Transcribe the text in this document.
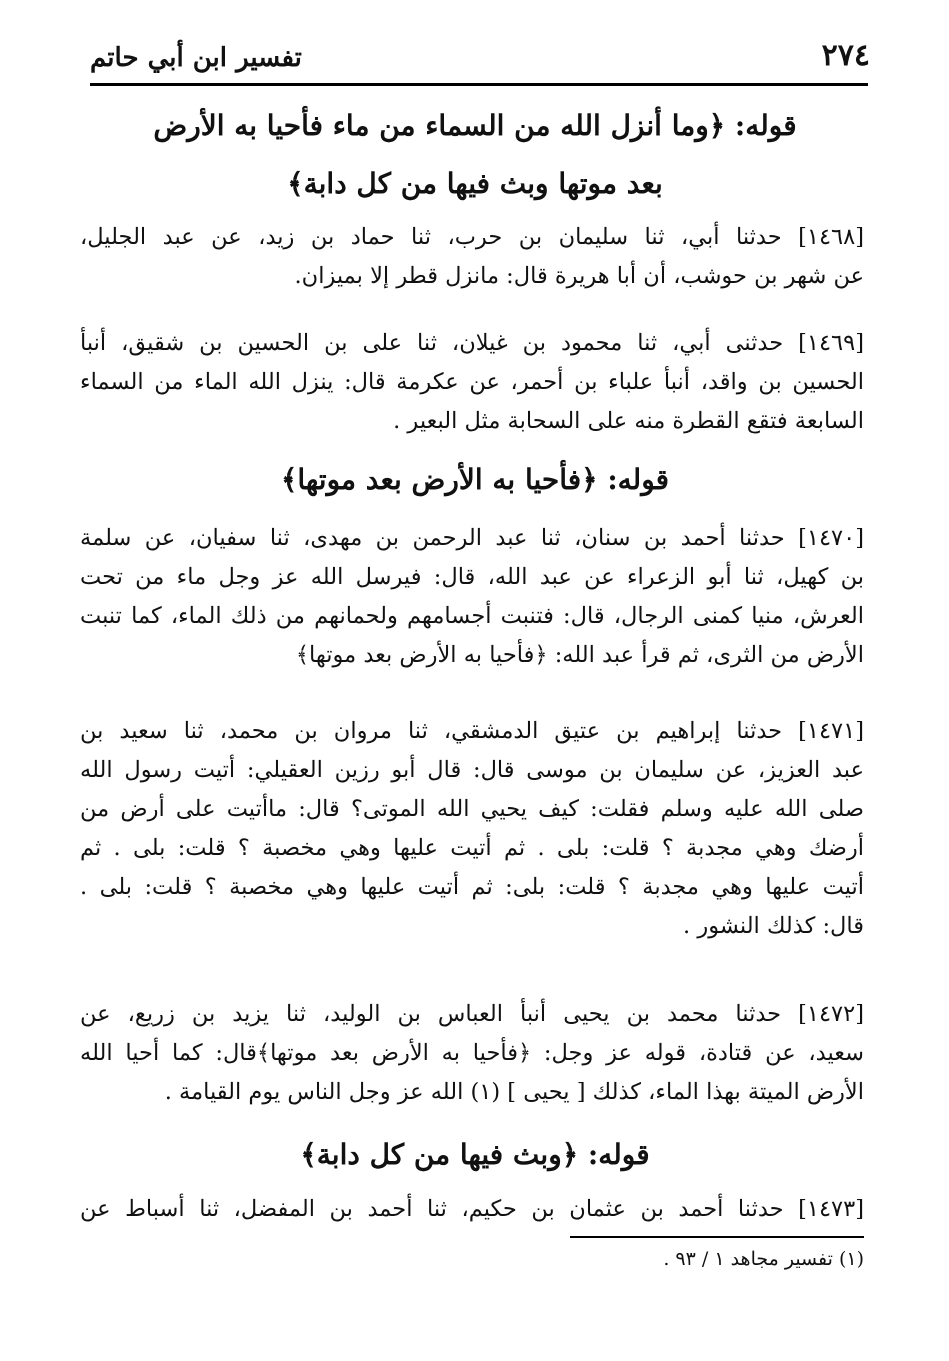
٢٧٤
تفسير ابن أبي حاتم
قوله: ﴿وما أنزل الله من السماء من ماء فأحيا به الأرض
بعد موتها وبث فيها من كل دابة﴾
[١٤٦٨] حدثنا أبي، ثنا سليمان بن حرب، ثنا حماد بن زيد، عن عبد الجليل،
عن شهر بن حوشب، أن أبا هريرة قال: مانزل قطر إلا بميزان.
[١٤٦٩] حدثنى أبي، ثنا محمود بن غيلان، ثنا على بن الحسين بن شقيق، أنبأ
الحسين بن واقد، أنبأ علباء بن أحمر، عن عكرمة قال: ينزل الله الماء من السماء
السابعة فتقع القطرة منه على السحابة مثل البعير .
قوله: ﴿فأحيا به الأرض بعد موتها﴾
[١٤٧٠] حدثنا أحمد بن سنان، ثنا عبد الرحمن بن مهدى، ثنا سفيان، عن سلمة
بن كهيل، ثنا أبو الزعراء عن عبد الله، قال: فيرسل الله عز وجل ماء من تحت
العرش، منيا كمنى الرجال، قال: فتنبت أجسامهم ولحمانهم من ذلك الماء، كما تنبت
الأرض من الثرى، ثم قرأ عبد الله: ﴿فأحيا به الأرض بعد موتها﴾
[١٤٧١] حدثنا إبراهيم بن عتيق الدمشقي، ثنا مروان بن محمد، ثنا سعيد بن
عبد العزيز، عن سليمان بن موسى قال: قال أبو رزين العقيلي: أتيت رسول الله
صلى الله عليه وسلم فقلت: كيف يحيي الله الموتى؟ قال: ماأتيت على أرض من
أرضك وهي مجدبة ؟ قلت: بلى . ثم أتيت عليها وهي مخصبة ؟ قلت: بلى . ثم
أتيت عليها وهي مجدبة ؟ قلت: بلى: ثم أتيت عليها وهي مخصبة ؟ قلت: بلى .
قال: كذلك النشور .
[١٤٧٢] حدثنا محمد بن يحيى أنبأ العباس بن الوليد، ثنا يزيد بن زريع، عن
سعيد، عن قتادة، قوله عز وجل: ﴿فأحيا به الأرض بعد موتها﴾قال: كما أحيا الله
الأرض الميتة بهذا الماء، كذلك [ يحيى ] (١) الله عز وجل الناس يوم القيامة .
قوله: ﴿وبث فيها من كل دابة﴾
[١٤٧٣] حدثنا أحمد بن عثمان بن حكيم، ثنا أحمد بن المفضل، ثنا أسباط عن
(١) تفسير مجاهد ١ / ٩٣ .
